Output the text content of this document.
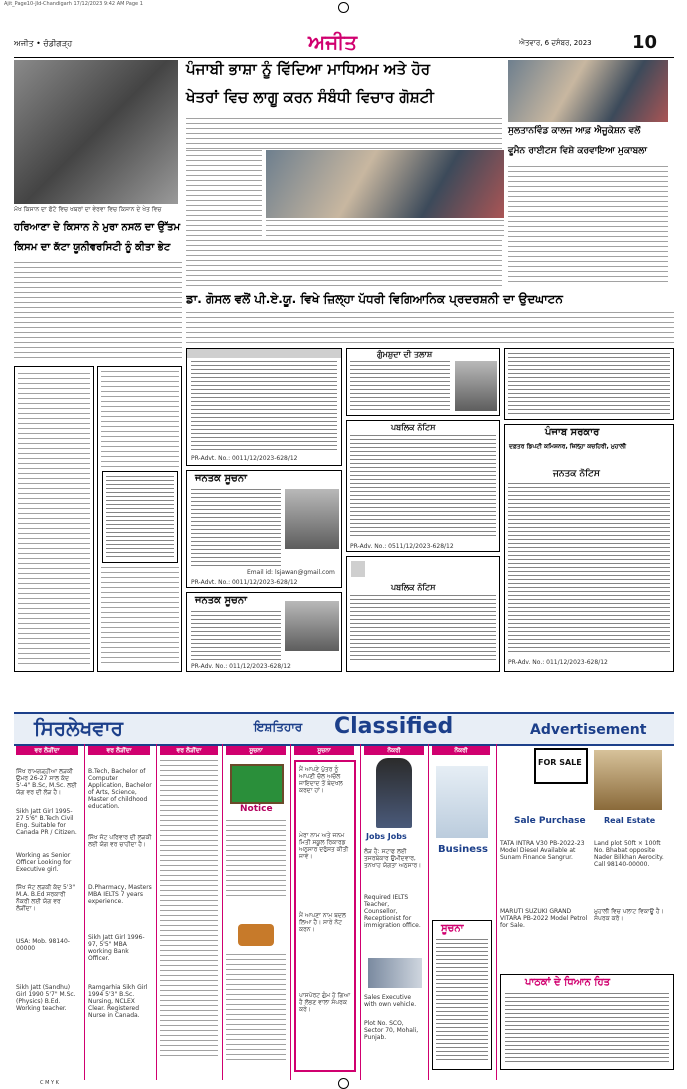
Ajit_Page10-Jld-Chandigarh 17/12/2023 9:42 AM Page 1
ਅਜੀਤ • ਚੰਡੀਗੜ੍ਹ	ਅਜੀਤ	ਐਤਵਾਰ, 6 ਦਸੰਬਰ, 2023 10
ਮੱਖ ਕਿਸਾਨ ਦਾ ਫੋਟੋ ਵਿਚ ਖਬਰਾਂ ਦਾ ਵੇਰਵਾ ਵਿਚ ਕਿਸਾਨ ਦੇ ਖੇਤ ਵਿਚ
ਹਰਿਆਣਾ ਦੇ ਕਿਸਾਨ ਨੇ ਮੁਰਾ ਨਸਲ ਦਾ ਉੱਤਮ
ਕਿਸਮ ਦਾ ਕੱਟਾ ਯੂਨੀਵਰਸਿਟੀ ਨੂੰ ਕੀਤਾ ਭੇਟ
ਪੰਜਾਬੀ ਭਾਸ਼ਾ ਨੂੰ ਵਿੱਦਿਆ ਮਾਧਿਅਮ ਅਤੇ ਹੋਰ
ਖੇਤਰਾਂ ਵਿਚ ਲਾਗੂ ਕਰਨ ਸੰਬੰਧੀ ਵਿਚਾਰ ਗੋਸ਼ਟੀ
ਸੁਲਤਾਨਵਿੰਡ ਕਾਲਜ ਆਫ਼ ਐਜੂਕੇਸ਼ਨ ਵਲੋਂ
ਵੂਮੈਨ ਰਾਈਟਸ ਵਿਸ਼ੇ ਕਰਵਾਇਆ ਮੁਕਾਬਲਾ
ਡਾ. ਗੋਸਲ ਵਲੋਂ ਪੀ.ਏ.ਯੂ. ਵਿਖੇ ਜ਼ਿਲ੍ਹਾ ਪੱਧਰੀ ਵਿਗਿਆਨਿਕ ਪ੍ਰਦਰਸ਼ਨੀ ਦਾ ਉਦਘਾਟਨ
PR-Advt. No.: 0011/12/2023-628/12
ਜਨਤਕ ਸੂਚਨਾ
Email id: lsjawan@gmail.com
PR-Advt. No.: 0011/12/2023-628/12
ਜਨਤਕ ਸੂਚਨਾ
PR-Adv. No.: 011/12/2023-628/12
ਗੁੰਮਸ਼ੁਦਾ ਦੀ ਤਲਾਸ਼
ਪਬਲਿਕ ਨੋਟਿਸ
PR-Adv. No.: 0511/12/2023-628/12
ਪਬਲਿਕ ਨੋਟਿਸ
ਪੰਜਾਬ ਸਰਕਾਰ
ਦਫ਼ਤਰ ਡਿਪਟੀ ਕਮਿਸ਼ਨਰ, ਜ਼ਿਲ੍ਹਾ ਕਚਹਿਰੀ, ਮੁਹਾਲੀ
ਜਨਤਕ ਨੋਟਿਸ
PR-Adv. No.: 011/12/2023-628/12
ਸਿਰਲੇਖਵਾਰ	ਇਸ਼ਤਿਹਾਰ Classified	Advertisement
ਵਰ ਲੋੜੀਂਦਾ
ਸਿੱਖ ਰਾਮਗੜ੍ਹੀਆ ਲੜਕੀ ਉਮਰ 26-27 ਸਾਲ ਕੱਦ 5'-4" B.Sc, M.Sc. ਲਈ ਯੋਗ ਵਰ ਦੀ ਲੋੜ ਹੈ।
Sikh Jatt Girl 1995-27 5'6" B.Tech Civil Eng. Suitable for Canada PR / Citizen.
Working as Senior Officer Looking for Executive girl.
ਸਿੱਖ ਜੱਟ ਲੜਕੀ ਕੱਦ 5'3" M.A. B.Ed ਸਰਕਾਰੀ ਨੌਕਰੀ ਲਈ ਯੋਗ ਵਰ ਲੋੜੀਂਦਾ।
USA: Mob. 98140-00000
Sikh Jatt (Sandhu) Girl 1990 5'7" M.Sc. (Physics) B.Ed. Working teacher.
ਵਰ ਲੋੜੀਂਦਾ
B.Tech, Bachelor of Computer Application, Bachelor of Arts, Science, Master of childhood education.
ਸਿੱਖ ਜੱਟ ਪਰਿਵਾਰ ਦੀ ਲੜਕੀ ਲਈ ਯੋਗ ਵਰ ਚਾਹੀਦਾ ਹੈ।
D.Pharmacy, Masters MBA IELTS 7 years experience.
Sikh Jatt Girl 1996-97, 5'5" MBA working Bank Officer.
Ramgarhia Sikh Girl 1994 5'3" B.Sc. Nursing, NCLEX Clear. Registered Nurse in Canada.
ਵਰ ਲੋੜੀਂਦਾ	ਸੂਚਨਾ
Notice
ਸੂਚਨਾ
ਮੈਂ ਆਪਣੇ ਪੁੱਤਰ ਨੂੰ ਆਪਣੀ ਚੱਲ ਅਚੱਲ ਜਾਇਦਾਦ ਤੋਂ ਬੇਦਖਲ ਕਰਦਾ ਹਾਂ।
ਮੇਰਾ ਨਾਮ ਅਤੇ ਜਨਮ ਮਿਤੀ ਸਕੂਲ ਰਿਕਾਰਡ ਅਨੁਸਾਰ ਦਰੁੱਸਤ ਕੀਤੀ ਜਾਵੇ।
ਮੈਂ ਆਪਣਾ ਨਾਮ ਬਦਲ ਲਿਆ ਹੈ। ਸਾਰੇ ਨੋਟ ਕਰਨ।
ਪਾਸਪੋਰਟ ਗੁੰਮ ਹੋ ਗਿਆ ਹੈ ਲੱਭਣ ਵਾਲਾ ਸੰਪਰਕ ਕਰੇ।
ਨੌਕਰੀ
Jobs Jobs
ਲੋੜ ਹੈ: ਸਟਾਫ ਲਈ ਤਜਰਬੇਕਾਰ ਉਮੀਦਵਾਰ, ਤਨਖਾਹ ਯੋਗਤਾ ਅਨੁਸਾਰ।
Required IELTS Teacher, Counsellor, Receptionist for immigration office.
Sales Executive with own vehicle.
Plot No. SCO, Sector 70, Mohali, Punjab.
ਨੌਕਰੀ
Business
ਸੂਚਨਾ
FOR SALE
Sale Purchase Real Estate
TATA INTRA V30 PB-2022-23 Model Diesel Available at Sunam Finance Sangrur.
MARUTI SUZUKI GRAND VITARA PB-2022 Model Petrol for Sale.
Land plot 50ft × 100ft No. Bhabat opposite Nader Bilkhan Aerocity. Call 98140-00000.
ਮੁਹਾਲੀ ਵਿਚ ਪਲਾਟ ਵਿਕਾਊ ਹੈ। ਸੰਪਰਕ ਕਰੋ।
ਪਾਠਕਾਂ ਦੇ ਧਿਆਨ ਹਿਤ
C M Y K
